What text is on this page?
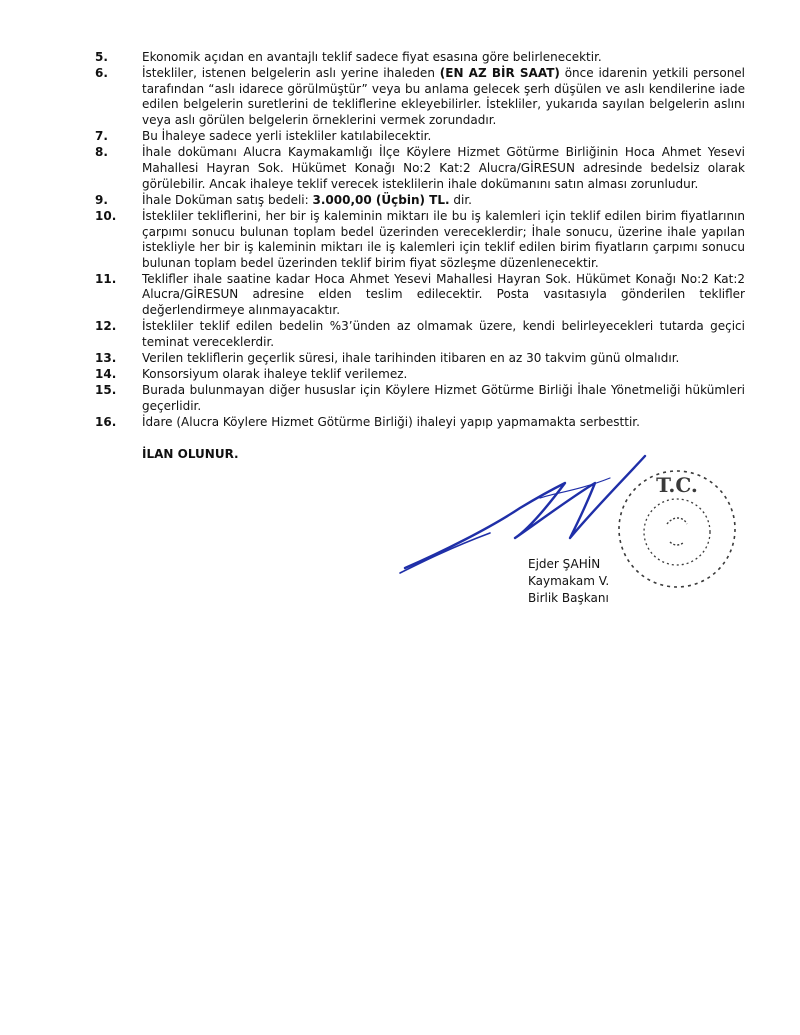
5.	Ekonomik açıdan en avantajlı teklif sadece fiyat esasına göre belirlenecektir.
6.	İstekliler, istenen belgelerin aslı yerine ihaleden (EN AZ BİR SAAT) önce idarenin yetkili personel tarafından “aslı idarece görülmüştür” veya bu anlama gelecek şerh düşülen ve aslı kendilerine iade edilen belgelerin suretlerini de tekliflerine ekleyebilirler. İstekliler, yukarıda sayılan belgelerin aslını veya aslı görülen belgelerin örneklerini vermek zorundadır.
7.	Bu İhaleye sadece yerli istekliler katılabilecektir.
8.	İhale dokümanı Alucra Kaymakamlığı İlçe Köylere Hizmet Götürme Birliğinin Hoca Ahmet Yesevi Mahallesi Hayran Sok. Hükümet Konağı No:2 Kat:2 Alucra/GİRESUN adresinde bedelsiz olarak görülebilir. Ancak ihaleye teklif verecek isteklilerin ihale dokümanını satın alması zorunludur.
9.	İhale Doküman satış bedeli: 3.000,00 (Üçbin) TL. dir.
10.	İstekliler tekliflerini, her bir iş kaleminin miktarı ile bu iş kalemleri için teklif edilen birim fiyatlarının çarpımı sonucu bulunan toplam bedel üzerinden vereceklerdir; İhale sonucu, üzerine ihale yapılan istekliyle her bir iş kaleminin miktarı ile iş kalemleri için teklif edilen birim fiyatların çarpımı sonucu bulunan toplam bedel üzerinden teklif birim fiyat sözleşme düzenlenecektir.
11.	Teklifler ihale saatine kadar Hoca Ahmet Yesevi Mahallesi Hayran Sok. Hükümet Konağı No:2 Kat:2 Alucra/GİRESUN adresine elden teslim edilecektir. Posta vasıtasıyla gönderilen teklifler değerlendirmeye alınmayacaktır.
12.	İstekliler teklif edilen bedelin %3’ünden az olmamak üzere, kendi belirleyecekleri tutarda geçici teminat vereceklerdir.
13.	Verilen tekliflerin geçerlik süresi, ihale tarihinden itibaren en az 30 takvim günü olmalıdır.
14.	Konsorsiyum olarak ihaleye teklif verilemez.
15.	Burada bulunmayan diğer hususlar için Köylere Hizmet Götürme Birliği İhale Yönetmeliği hükümleri geçerlidir.
16.	İdare (Alucra Köylere Hizmet Götürme Birliği) ihaleyi yapıp yapmamakta serbesttir.
İLAN OLUNUR.
T.C.
Ejder ŞAHİN
Kaymakam V.
Birlik Başkanı
